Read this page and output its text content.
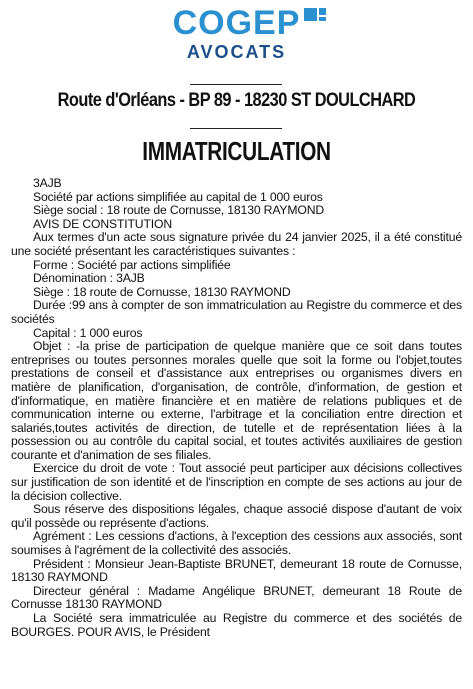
COGEP
AVOCATS
Route d'Orléans - BP 89 - 18230 ST DOULCHARD
IMMATRICULATION

3AJB

Société par actions simplifiée au capital de 1 000 euros

Siège social : 18 route de Cornusse, 18130 RAYMOND

AVIS DE CONSTITUTION

Aux termes d'un acte sous signature privée du 24 janvier 2025, il a été constitué une société présentant les caractéristiques suivantes :

Forme : Société par actions simplifiée

Dénomination : 3AJB

Siège : 18 route de Cornusse, 18130 RAYMOND

Durée :99 ans à compter de son immatriculation au Registre du commerce et des sociétés

Capital : 1 000 euros

Objet : -la prise de participation de quelque manière que ce soit dans toutes entreprises ou toutes personnes morales quelle que soit la forme ou l'objet,toutes prestations de conseil et d'assistance aux entreprises ou organismes divers en matière de planification, d'organisation, de contrôle, d'information, de gestion et d'informatique, en matière financière et en matière de relations publiques et de communication interne ou externe, l'arbitrage et la conciliation entre direction et salariés,toutes activités de direction, de tutelle et de représentation liées à la possession ou au contrôle du capital social, et toutes activités auxiliaires de gestion courante et d'animation de ses filiales.

Exercice du droit de vote : Tout associé peut participer aux décisions collectives sur justification de son identité et de l'inscription en compte de ses actions au jour de la décision collective.

Sous réserve des dispositions légales, chaque associé dispose d'autant de voix qu'il possède ou représente d'actions.

Agrément : Les cessions d'actions, à l'exception des cessions aux associés, sont soumises à l'agrément de la collectivité des associés.

Président : Monsieur Jean-Baptiste BRUNET, demeurant 18 route de Cornusse, 18130 RAYMOND

Directeur général : Madame Angélique BRUNET, demeurant 18 Route de Cornusse 18130 RAYMOND

La Société sera immatriculée au Registre du commerce et des sociétés de BOURGES. POUR AVIS, le Président
